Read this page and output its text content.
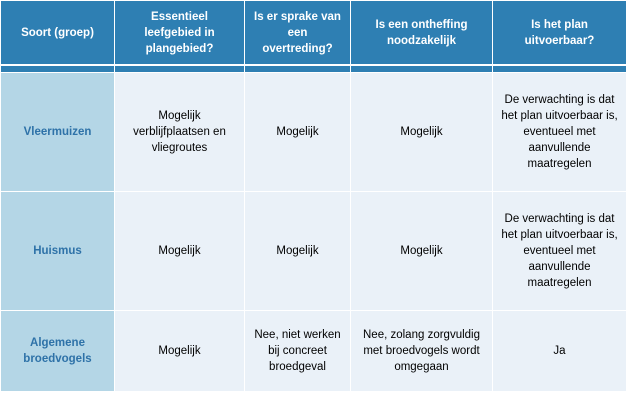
Soort (groep)	Essentieel leefgebied in plangebied?	Is er sprake van een overtreding?	Is een ontheffing noodzakelijk	Is het plan uitvoerbaar?

Vleermuizen	Mogelijk verblijfplaatsen en vliegroutes	Mogelijk	Mogelijk	De verwachting is dat het plan uitvoerbaar is, eventueel met aanvullende maatregelen
Huismus	Mogelijk	Mogelijk	Mogelijk	De verwachting is dat het plan uitvoerbaar is, eventueel met aanvullende maatregelen
Algemene broedvogels	Mogelijk	Nee, niet werken bij concreet broedgeval	Nee, zolang zorgvuldig met broedvogels wordt omgegaan	Ja
